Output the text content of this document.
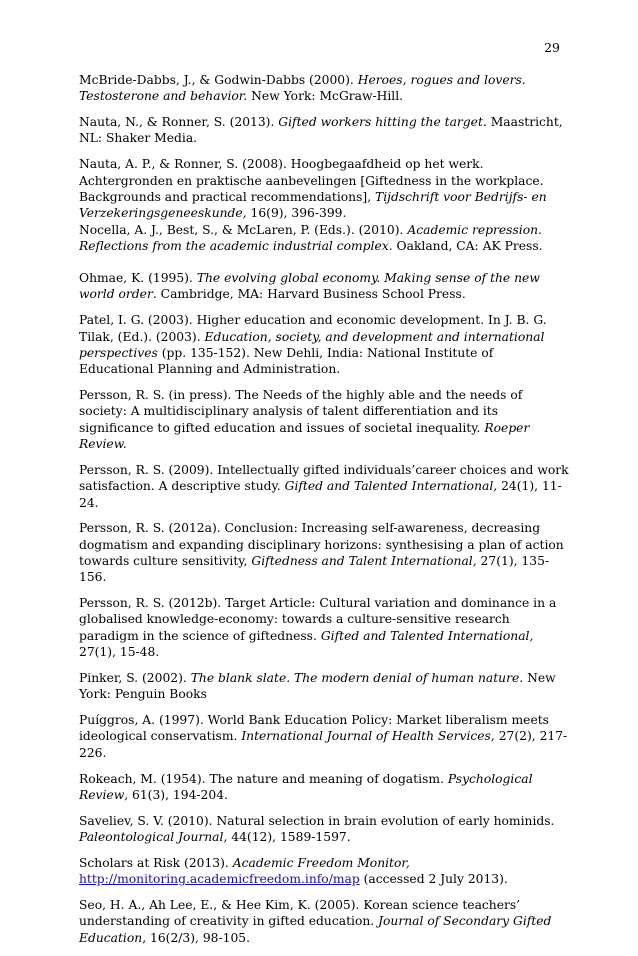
29

McBride-Dabbs, J., & Godwin-Dabbs (2000). Heroes, rogues and lovers. Testosterone and behavior. New York: McGraw-Hill.

Nauta, N., & Ronner, S. (2013). Gifted workers hitting the target. Maastricht, NL: Shaker Media.

Nauta, A. P., & Ronner, S. (2008). Hoogbegaafdheid op het werk. Achtergronden en praktische aanbevelingen [Giftedness in the workplace. Backgrounds and practical recommendations], Tijdschrift voor Bedrijfs- en Verzekeringsgeneeskunde, 16(9), 396-399.

Nocella, A. J., Best, S., & McLaren, P. (Eds.). (2010). Academic repression. Reflections from the academic industrial complex. Oakland, CA: AK Press.

Ohmae, K. (1995). The evolving global economy. Making sense of the new world order. Cambridge, MA: Harvard Business School Press.

Patel, I. G. (2003). Higher education and economic development. In J. B. G. Tilak, (Ed.). (2003). Education, society, and development and international perspectives (pp. 135-152). New Dehli, India: National Institute of Educational Planning and Administration.

Persson, R. S. (in press). The Needs of the highly able and the needs of society: A multidisciplinary analysis of talent differentiation and its significance to gifted education and issues of societal inequality. Roeper Review.

Persson, R. S. (2009). Intellectually gifted individuals’career choices and work satisfaction. A descriptive study. Gifted and Talented International, 24(1), 11-24.

Persson, R. S. (2012a). Conclusion: Increasing self-awareness, decreasing dogmatism and expanding disciplinary horizons: synthesising a plan of action towards culture sensitivity, Giftedness and Talent International, 27(1), 135-156.

Persson, R. S. (2012b). Target Article: Cultural variation and dominance in a globalised knowledge-economy: towards a culture-sensitive research paradigm in the science of giftedness. Gifted and Talented International, 27(1), 15-48.

Pinker, S. (2002). The blank slate. The modern denial of human nature. New York: Penguin Books

Puíggros, A. (1997). World Bank Education Policy: Market liberalism meets ideological conservatism. International Journal of Health Services, 27(2), 217-226.

Rokeach, M. (1954). The nature and meaning of dogatism. Psychological Review, 61(3), 194-204.

Saveliev, S. V. (2010). Natural selection in brain evolution of early hominids. Paleontological Journal, 44(12), 1589-1597.

Scholars at Risk (2013). Academic Freedom Monitor,
http://monitoring.academicfreedom.info/map (accessed 2 July 2013).

Seo, H. A., Ah Lee, E., & Hee Kim, K. (2005). Korean science teachers’ understanding of creativity in gifted education. Journal of Secondary Gifted Education, 16(2/3), 98-105.
